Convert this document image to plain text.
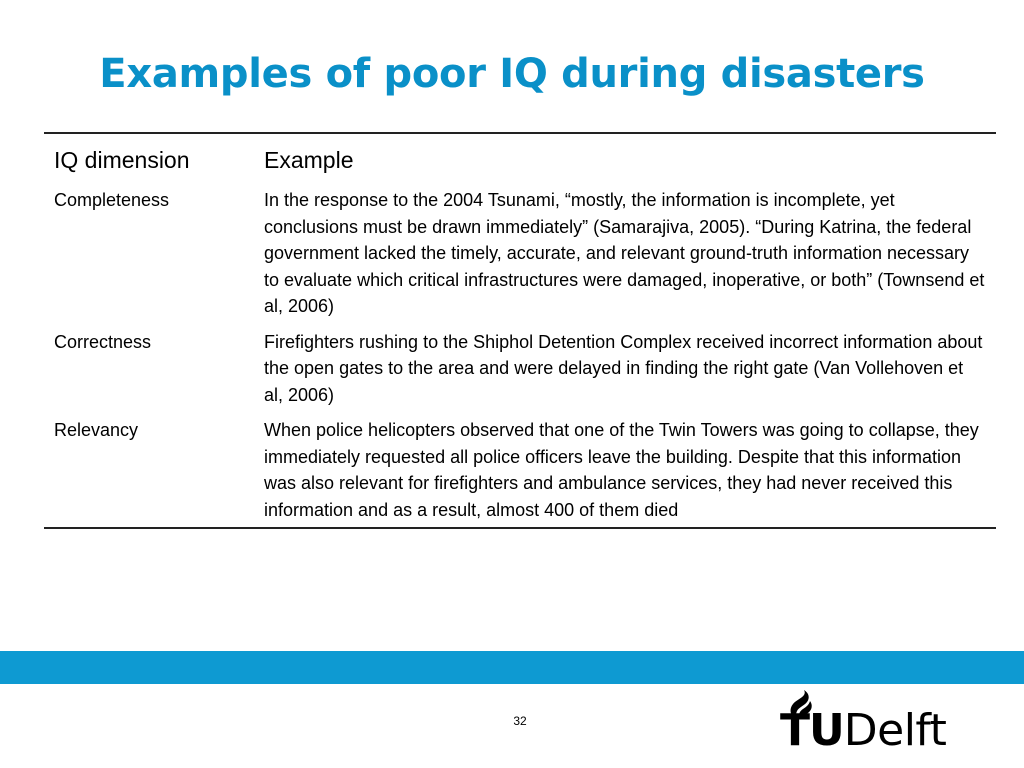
Examples of poor IQ during disasters
IQ dimension	Example
Completeness	In the response to the 2004 Tsunami, “mostly, the information is incomplete, yet conclusions must be drawn immediately” (Samarajiva, 2005). “During Katrina, the federal government lacked the timely, accurate, and relevant ground-truth information necessary to evaluate which critical infrastructures were damaged, inoperative, or both” (Townsend et al, 2006)
Correctness	Firefighters rushing to the Shiphol Detention Complex received incorrect information about the open gates to the area and were delayed in finding the right gate (Van Vollehoven et al, 2006)
Relevancy	When police helicopters observed that one of the Twin Towers was going to collapse, they immediately requested all police officers leave the building. Despite that this information was also relevant for firefighters and ambulance services, they had never received this information and as a result, almost 400 of them died
32	TUDelft
